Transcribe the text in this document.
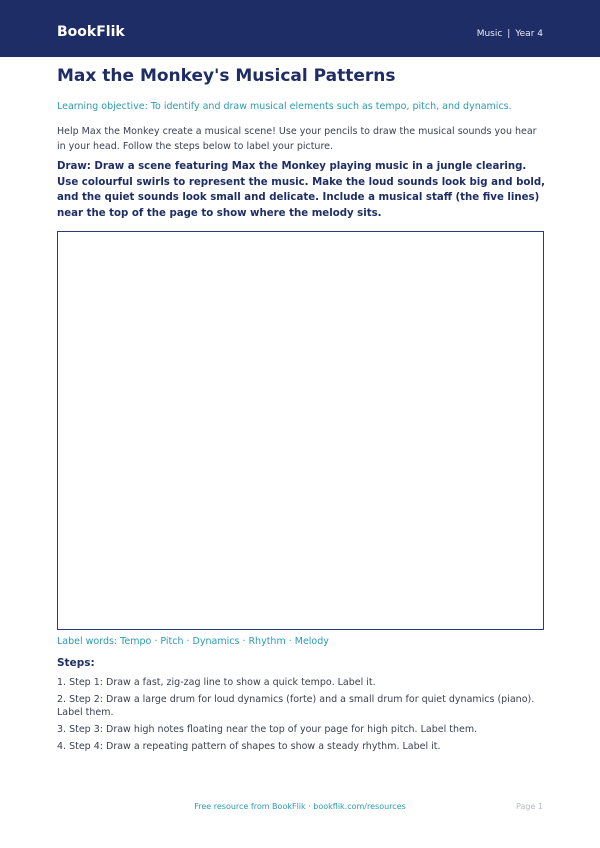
BookFlik	Music | Year 4
Max the Monkey's Musical Patterns
Learning objective: To identify and draw musical elements such as tempo, pitch, and dynamics.
Help Max the Monkey create a musical scene! Use your pencils to draw the musical sounds you hear in your head. Follow the steps below to label your picture.
Draw: Draw a scene featuring Max the Monkey playing music in a jungle clearing. Use colourful swirls to represent the music. Make the loud sounds look big and bold, and the quiet sounds look small and delicate. Include a musical staff (the five lines) near the top of the page to show where the melody sits.
Label words: Tempo · Pitch · Dynamics · Rhythm · Melody
Steps:
1. Step 1: Draw a fast, zig-zag line to show a quick tempo. Label it.
2. Step 2: Draw a large drum for loud dynamics (forte) and a small drum for quiet dynamics (piano). Label them.
3. Step 3: Draw high notes floating near the top of your page for high pitch. Label them.
4. Step 4: Draw a repeating pattern of shapes to show a steady rhythm. Label it.
Free resource from BookFlik · bookflik.com/resources	Page 1
